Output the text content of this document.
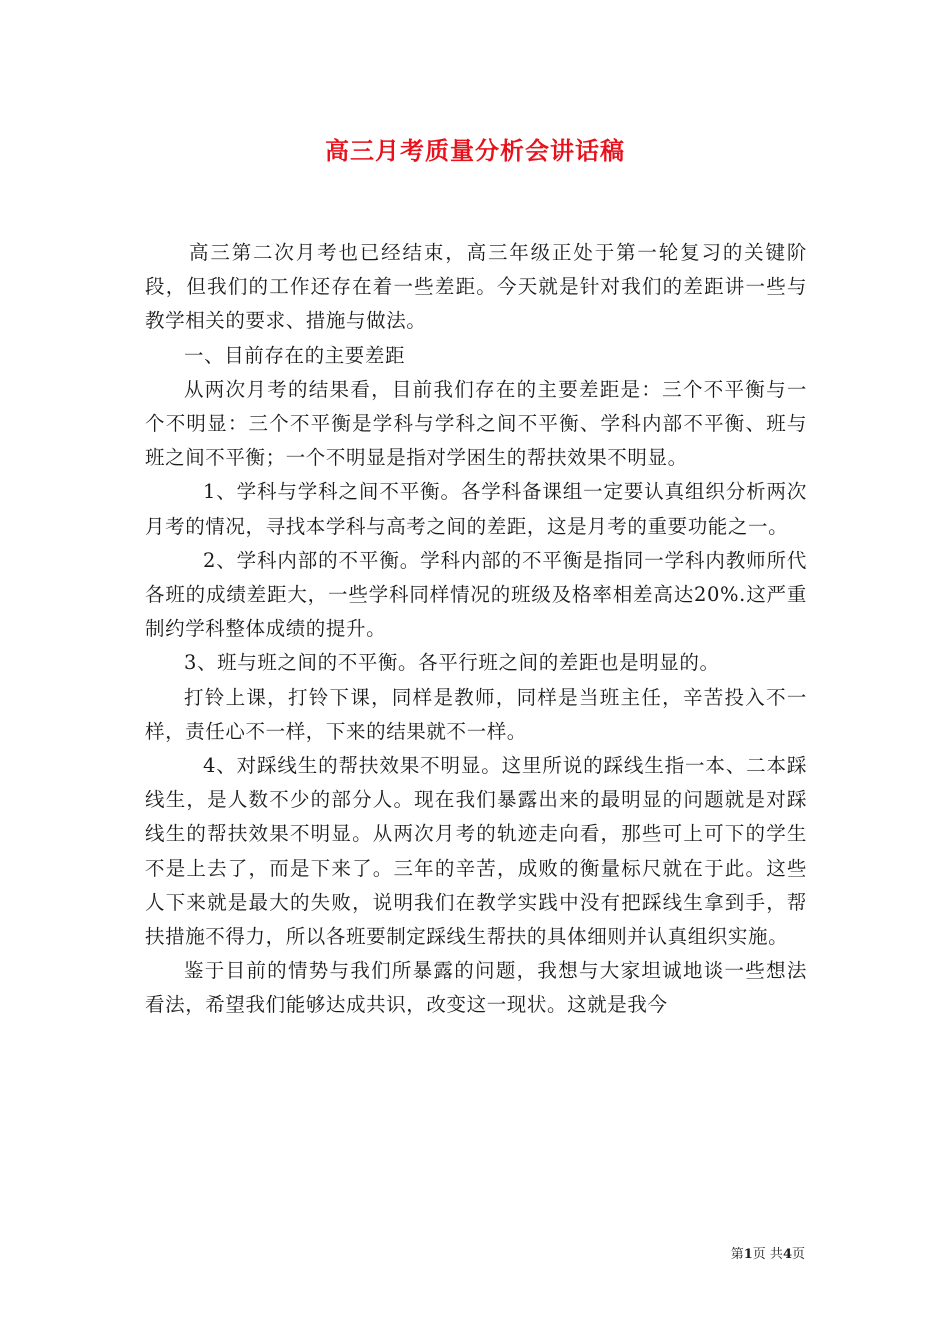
高三月考质量分析会讲话稿

高三第二次月考也已经结束，高三年级正处于第一轮复习的关键阶段，但我们的工作还存在着一些差距。今天就是针对我们的差距讲一些与教学相关的要求、措施与做法。

一、目前存在的主要差距

从两次月考的结果看，目前我们存在的主要差距是：三个不平衡与一个不明显：三个不平衡是学科与学科之间不平衡、学科内部不平衡、班与班之间不平衡；一个不明显是指对学困生的帮扶效果不明显。

1、学科与学科之间不平衡。各学科备课组一定要认真组织分析两次月考的情况，寻找本学科与高考之间的差距，这是月考的重要功能之一。

2、学科内部的不平衡。学科内部的不平衡是指同一学科内教师所代各班的成绩差距大，一些学科同样情况的班级及格率相差高达20%.这严重制约学科整体成绩的提升。

3、班与班之间的不平衡。各平行班之间的差距也是明显的。

打铃上课，打铃下课，同样是教师，同样是当班主任，辛苦投入不一样，责任心不一样，下来的结果就不一样。

4、对踩线生的帮扶效果不明显。这里所说的踩线生指一本、二本踩线生，是人数不少的部分人。现在我们暴露出来的最明显的问题就是对踩线生的帮扶效果不明显。从两次月考的轨迹走向看，那些可上可下的学生不是上去了，而是下来了。三年的辛苦，成败的衡量标尺就在于此。这些人下来就是最大的失败，说明我们在教学实践中没有把踩线生拿到手，帮扶措施不得力，所以各班要制定踩线生帮扶的具体细则并认真组织实施。

鉴于目前的情势与我们所暴露的问题，我想与大家坦诚地谈一些想法看法，希望我们能够达成共识，改变这一现状。这就是我今

第1页 共4页
